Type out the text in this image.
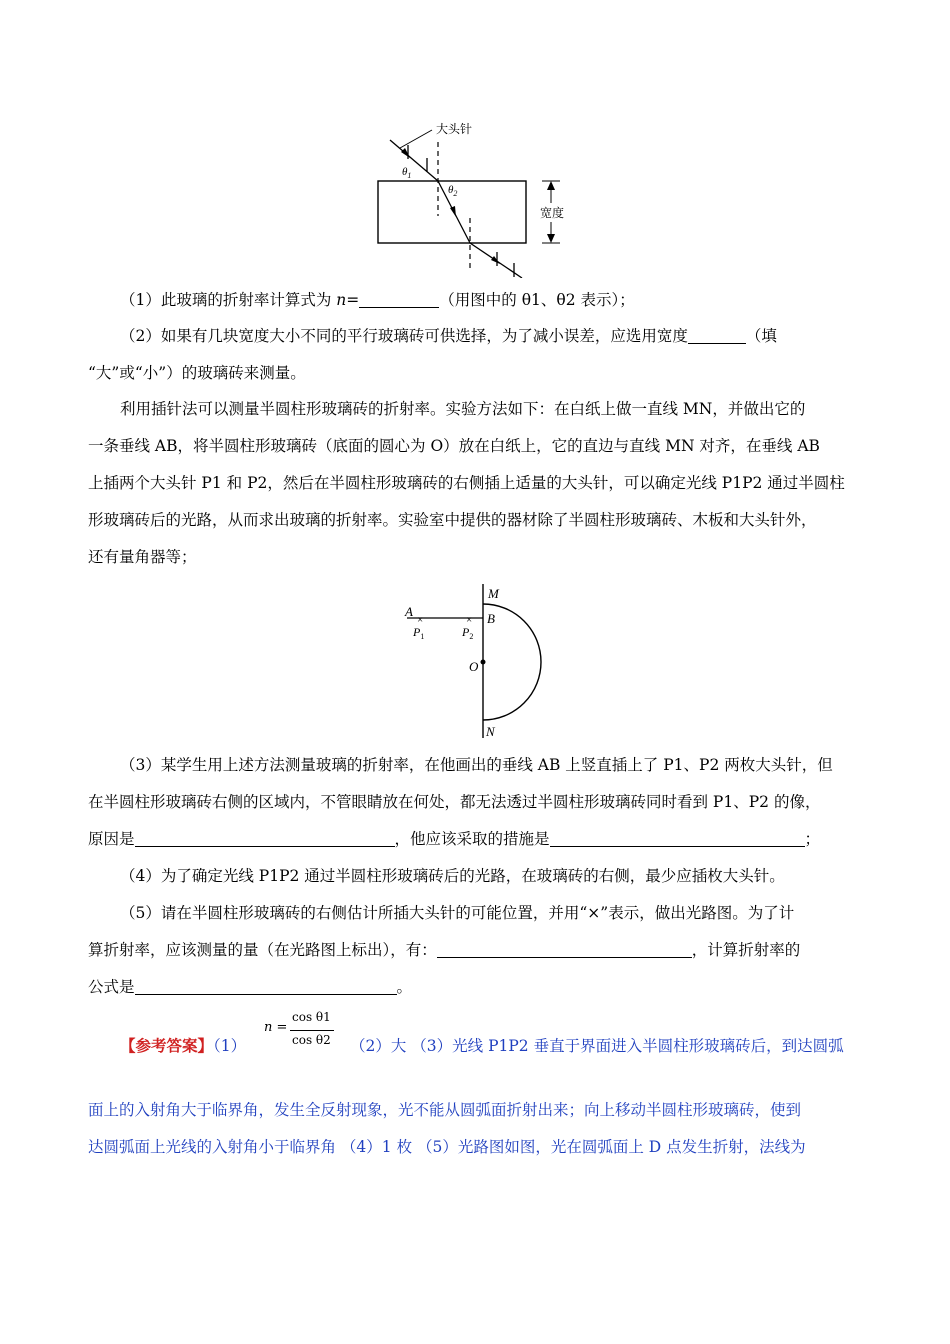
大头针
$\theta_1$
$\theta_2$
宽度
（1）此玻璃的折射率计算式为 n=	（用图中的 θ1、θ2 表示）；
（2）如果有几块宽度大小不同的平行玻璃砖可供选择，为了减小误差，应选用宽度	（填
“大”或“小”）的玻璃砖来测量。
利用插针法可以测量半圆柱形玻璃砖的折射率。实验方法如下：在白纸上做一直线 MN，并做出它的
一条垂线 AB，将半圆柱形玻璃砖（底面的圆心为 O）放在白纸上，它的直边与直线 MN 对齐，在垂线 AB
上插两个大头针 P1 和 P2，然后在半圆柱形玻璃砖的右侧插上适量的大头针，可以确定光线 P1P2 通过半圆柱
形玻璃砖后的光路，从而求出玻璃的折射率。实验室中提供的器材除了半圆柱形玻璃砖、木板和大头针外，
还有量角器等；
M
B
A
×	×
$P_1$	$P_2$
O
N
（3）某学生用上述方法测量玻璃的折射率，在他画出的垂线 AB 上竖直插上了 P1、P2 两枚大头针，但
在半圆柱形玻璃砖右侧的区域内，不管眼睛放在何处，都无法透过半圆柱形玻璃砖同时看到 P1、P2 的像，
原因是	，他应该采取的措施是	；
（4）为了确定光线 P1P2 通过半圆柱形玻璃砖后的光路，在玻璃砖的右侧，最少应插枚大头针。
（5）请在半圆柱形玻璃砖的右侧估计所插大头针的可能位置，并用“×”表示，做出光路图。为了计
算折射率，应该测量的量（在光路图上标出），有：	，计算折射率的
公式是	。
【参考答案】（1）
n =
cos θ1
cos θ2 （2）大 （3）光线 P1P2 垂直于界面进入半圆柱形玻璃砖后，到达圆弧
面上的入射角大于临界角，发生全反射现象，光不能从圆弧面折射出来；向上移动半圆柱形玻璃砖，使到
达圆弧面上光线的入射角小于临界角 （4）1 枚 （5）光路图如图，光在圆弧面上 D 点发生折射，法线为
